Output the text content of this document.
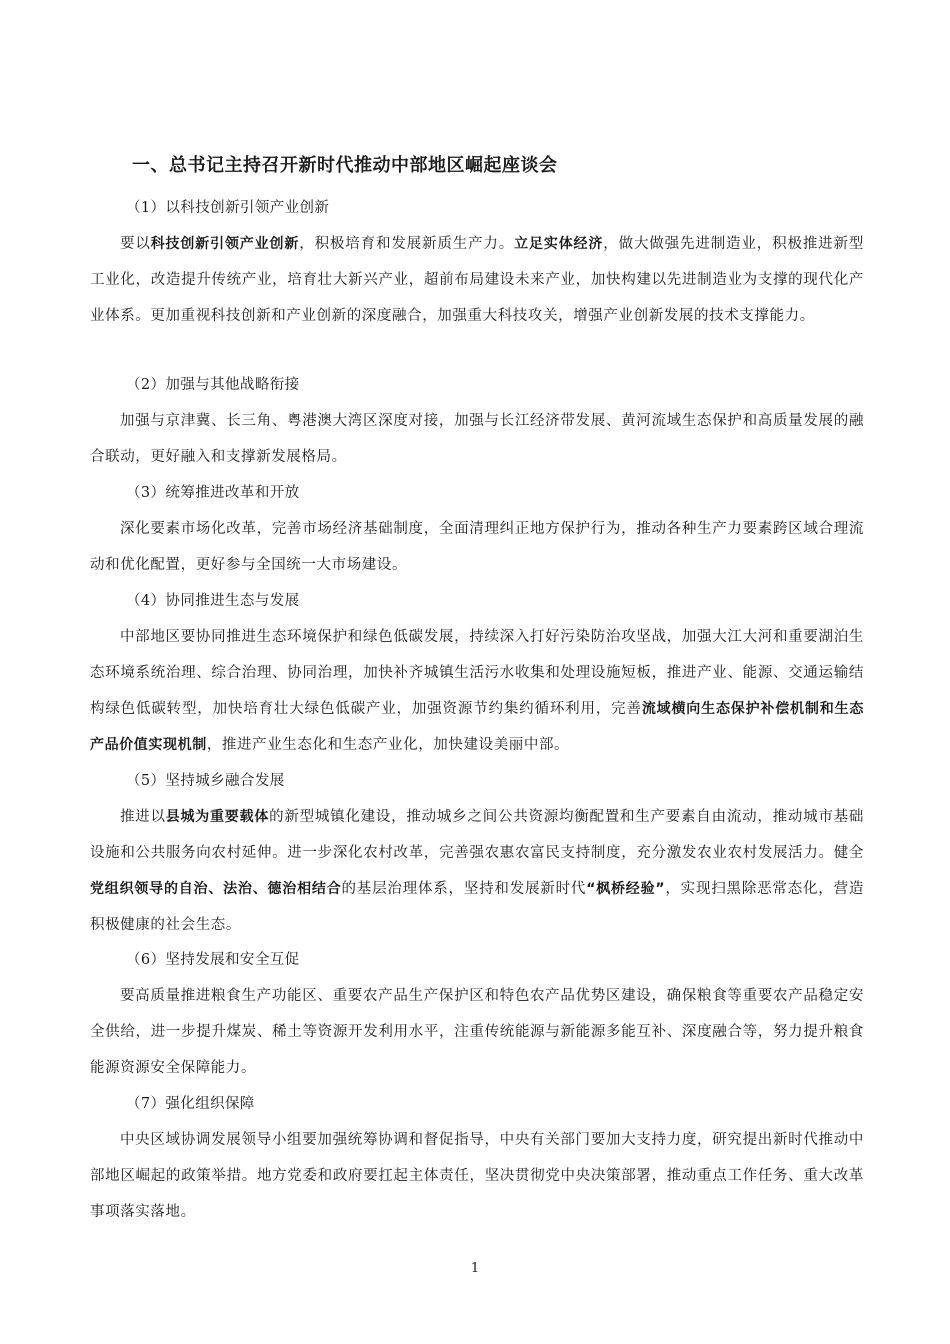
一、总书记主持召开新时代推动中部地区崛起座谈会

（1）以科技创新引领产业创新

要以科技创新引领产业创新，积极培育和发展新质生产力。立足实体经济，做大做强先进制造业，积极推进新型工业化，改造提升传统产业，培育壮大新兴产业，超前布局建设未来产业，加快构建以先进制造业为支撑的现代化产业体系。更加重视科技创新和产业创新的深度融合，加强重大科技攻关，增强产业创新发展的技术支撑能力。

（2）加强与其他战略衔接

加强与京津冀、长三角、粤港澳大湾区深度对接，加强与长江经济带发展、黄河流域生态保护和高质量发展的融合联动，更好融入和支撑新发展格局。

（3）统筹推进改革和开放

深化要素市场化改革，完善市场经济基础制度，全面清理纠正地方保护行为，推动各种生产力要素跨区域合理流动和优化配置，更好参与全国统一大市场建设。

（4）协同推进生态与发展

中部地区要协同推进生态环境保护和绿色低碳发展，持续深入打好污染防治攻坚战，加强大江大河和重要湖泊生态环境系统治理、综合治理、协同治理，加快补齐城镇生活污水收集和处理设施短板，推进产业、能源、交通运输结构绿色低碳转型，加快培育壮大绿色低碳产业，加强资源节约集约循环利用，完善流域横向生态保护补偿机制和生态产品价值实现机制，推进产业生态化和生态产业化，加快建设美丽中部。

（5）坚持城乡融合发展

推进以县城为重要载体的新型城镇化建设，推动城乡之间公共资源均衡配置和生产要素自由流动，推动城市基础设施和公共服务向农村延伸。进一步深化农村改革，完善强农惠农富民支持制度，充分激发农业农村发展活力。健全党组织领导的自治、法治、德治相结合的基层治理体系，坚持和发展新时代“枫桥经验”，实现扫黑除恶常态化，营造积极健康的社会生态。

（6）坚持发展和安全互促

要高质量推进粮食生产功能区、重要农产品生产保护区和特色农产品优势区建设，确保粮食等重要农产品稳定安全供给，进一步提升煤炭、稀土等资源开发利用水平，注重传统能源与新能源多能互补、深度融合等，努力提升粮食能源资源安全保障能力。

（7）强化组织保障

中央区域协调发展领导小组要加强统筹协调和督促指导，中央有关部门要加大支持力度，研究提出新时代推动中部地区崛起的政策举措。地方党委和政府要扛起主体责任，坚决贯彻党中央决策部署，推动重点工作任务、重大改革事项落实落地。

1
